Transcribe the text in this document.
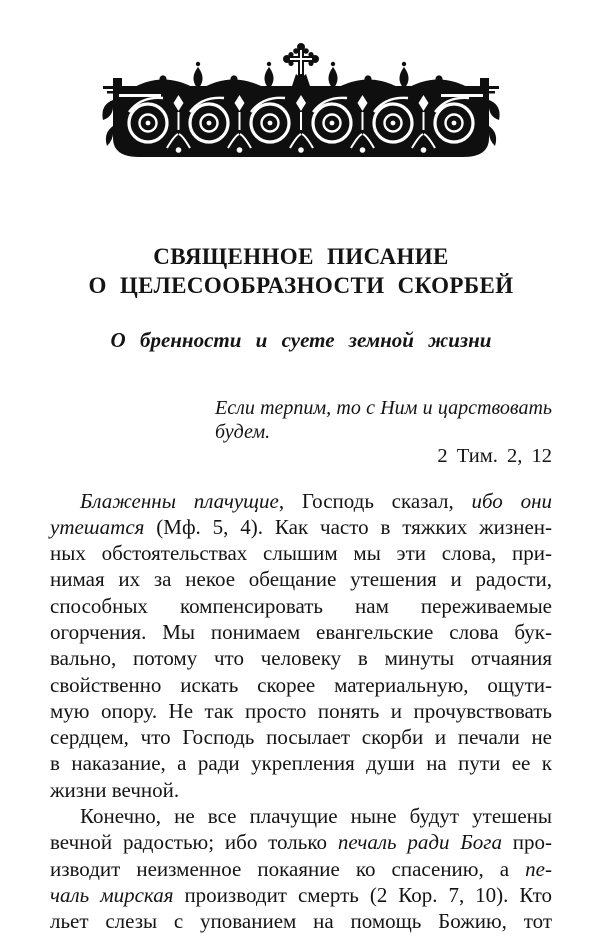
СВЯЩЕННОЕ ПИСАНИЕ
О ЦЕЛЕСООБРАЗНОСТИ СКОРБЕЙ
О бренности и суете земной жизни
Если терпим, то с Ним и царствовать
будем.
2 Тим. 2, 12
Блаженны плачущие, Господь сказал, ибо они
утешатся (Мф. 5, 4). Как часто в тяжких жизнен-
ных обстоятельствах слышим мы эти слова, при-
нимая их за некое обещание утешения и радости,
способных компенсировать нам переживаемые
огорчения. Мы понимаем евангельские слова бук-
вально, потому что человеку в минуты отчаяния
свойственно искать скорее материальную, ощути-
мую опору. Не так просто понять и прочувствовать
сердцем, что Господь посылает скорби и печали не
в наказание, а ради укрепления души на пути ее к
жизни вечной.
Конечно, не все плачущие ныне будут утешены
вечной радостью; ибо только печаль ради Бога про-
изводит неизменное покаяние ко спасению, а пе-
чаль мирская производит смерть (2 Кор. 7, 10). Кто
льет слезы с упованием на помощь Божию, тот
